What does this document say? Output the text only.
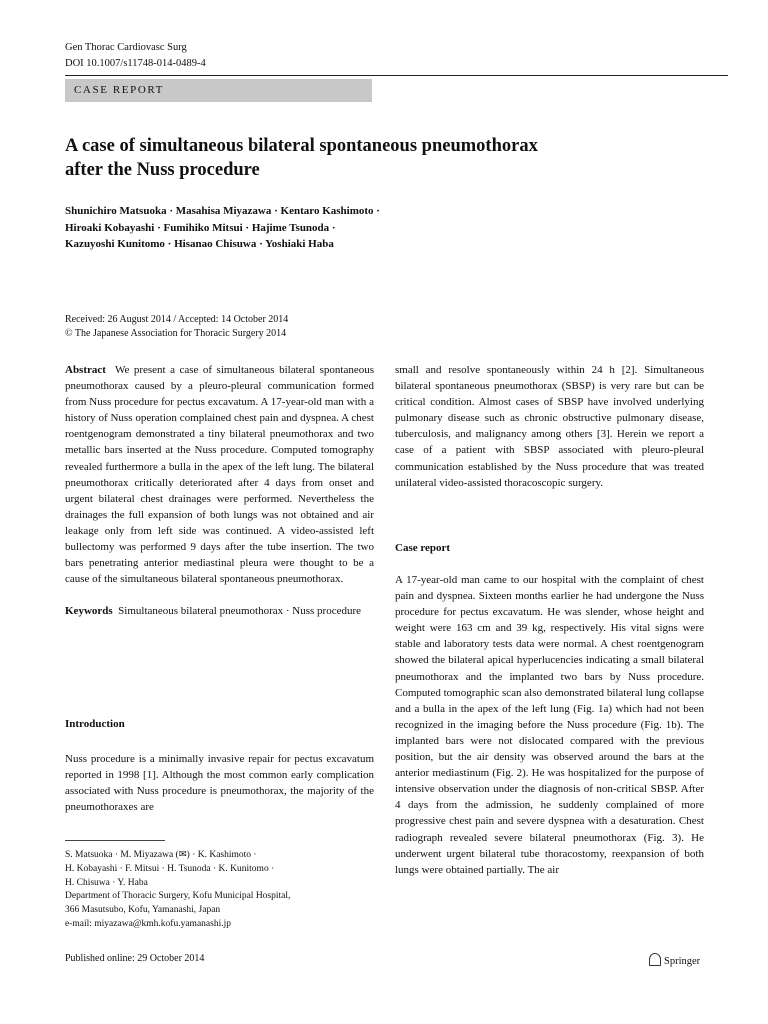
Gen Thorac Cardiovasc Surg
DOI 10.1007/s11748-014-0489-4
CASE REPORT
A case of simultaneous bilateral spontaneous pneumothorax
after the Nuss procedure
Shunichiro Matsuoka · Masahisa Miyazawa · Kentaro Kashimoto ·
Hiroaki Kobayashi · Fumihiko Mitsui · Hajime Tsunoda ·
Kazuyoshi Kunitomo · Hisanao Chisuwa · Yoshiaki Haba
Received: 26 August 2014 / Accepted: 14 October 2014
© The Japanese Association for Thoracic Surgery 2014

Abstract We present a case of simultaneous bilateral spontaneous pneumothorax caused by a pleuro-pleural communication formed from Nuss procedure for pectus excavatum. A 17-year-old man with a history of Nuss operation complained chest pain and dyspnea. A chest roentgenogram demonstrated a tiny bilateral pneumothorax and two metallic bars inserted at the Nuss procedure. Computed tomography revealed furthermore a bulla in the apex of the left lung. The bilateral pneumothorax critically deteriorated after 4 days from onset and urgent bilateral chest drainages were performed. Nevertheless the drainages the full expansion of both lungs was not obtained and air leakage only from left side was continued. A video-assisted left bullectomy was performed 9 days after the tube insertion. The two bars penetrating anterior mediastinal pleura were thought to be a cause of the simultaneous bilateral spontaneous pneumothorax.

Keywords Simultaneous bilateral pneumothorax · Nuss procedure

Introduction
Nuss procedure is a minimally invasive repair for pectus excavatum reported in 1998 [1]. Although the most common early complication associated with Nuss procedure is pneumothorax, the majority of the pneumothoraxes are
small and resolve spontaneously within 24 h [2]. Simultaneous bilateral spontaneous pneumothorax (SBSP) is very rare but can be critical condition. Almost cases of SBSP have involved underlying pulmonary disease such as chronic obstructive pulmonary disease, tuberculosis, and malignancy among others [3]. Herein we report a case of a patient with SBSP associated with pleuro-pleural communication established by the Nuss procedure that was treated unilateral video-assisted thoracoscopic surgery.
Case report
A 17-year-old man came to our hospital with the complaint of chest pain and dyspnea. Sixteen months earlier he had undergone the Nuss procedure for pectus excavatum. He was slender, whose height and weight were 163 cm and 39 kg, respectively. His vital signs were stable and laboratory tests data were normal. A chest roentgenogram showed the bilateral apical hyperlucencies indicating a small bilateral pneumothorax and the implanted two bars by Nuss procedure. Computed tomographic scan also demonstrated bilateral lung collapse and a bulla in the apex of the left lung (Fig. 1a) which had not been recognized in the imaging before the Nuss procedure (Fig. 1b). The implanted bars were not dislocated compared with the previous position, but the air density was observed around the bars at the anterior mediastinum (Fig. 2). He was hospitalized for the purpose of intensive observation under the diagnosis of non-critical SBSP. After 4 days from the admission, he suddenly complained of more progressive chest pain and severe dyspnea with a desaturation. Chest radiograph revealed severe bilateral pneumothorax (Fig. 3). He underwent urgent bilateral tube thoracostomy, reexpansion of both lungs were obtained partially. The air
S. Matsuoka · M. Miyazawa (✉) · K. Kashimoto ·
H. Kobayashi · F. Mitsui · H. Tsunoda · K. Kunitomo ·
H. Chisuwa · Y. Haba
Department of Thoracic Surgery, Kofu Municipal Hospital,
366 Masutsubo, Kofu, Yamanashi, Japan
e-mail: miyazawa@kmh.kofu.yamanashi.jp
Published online: 29 October 2014	Springer
